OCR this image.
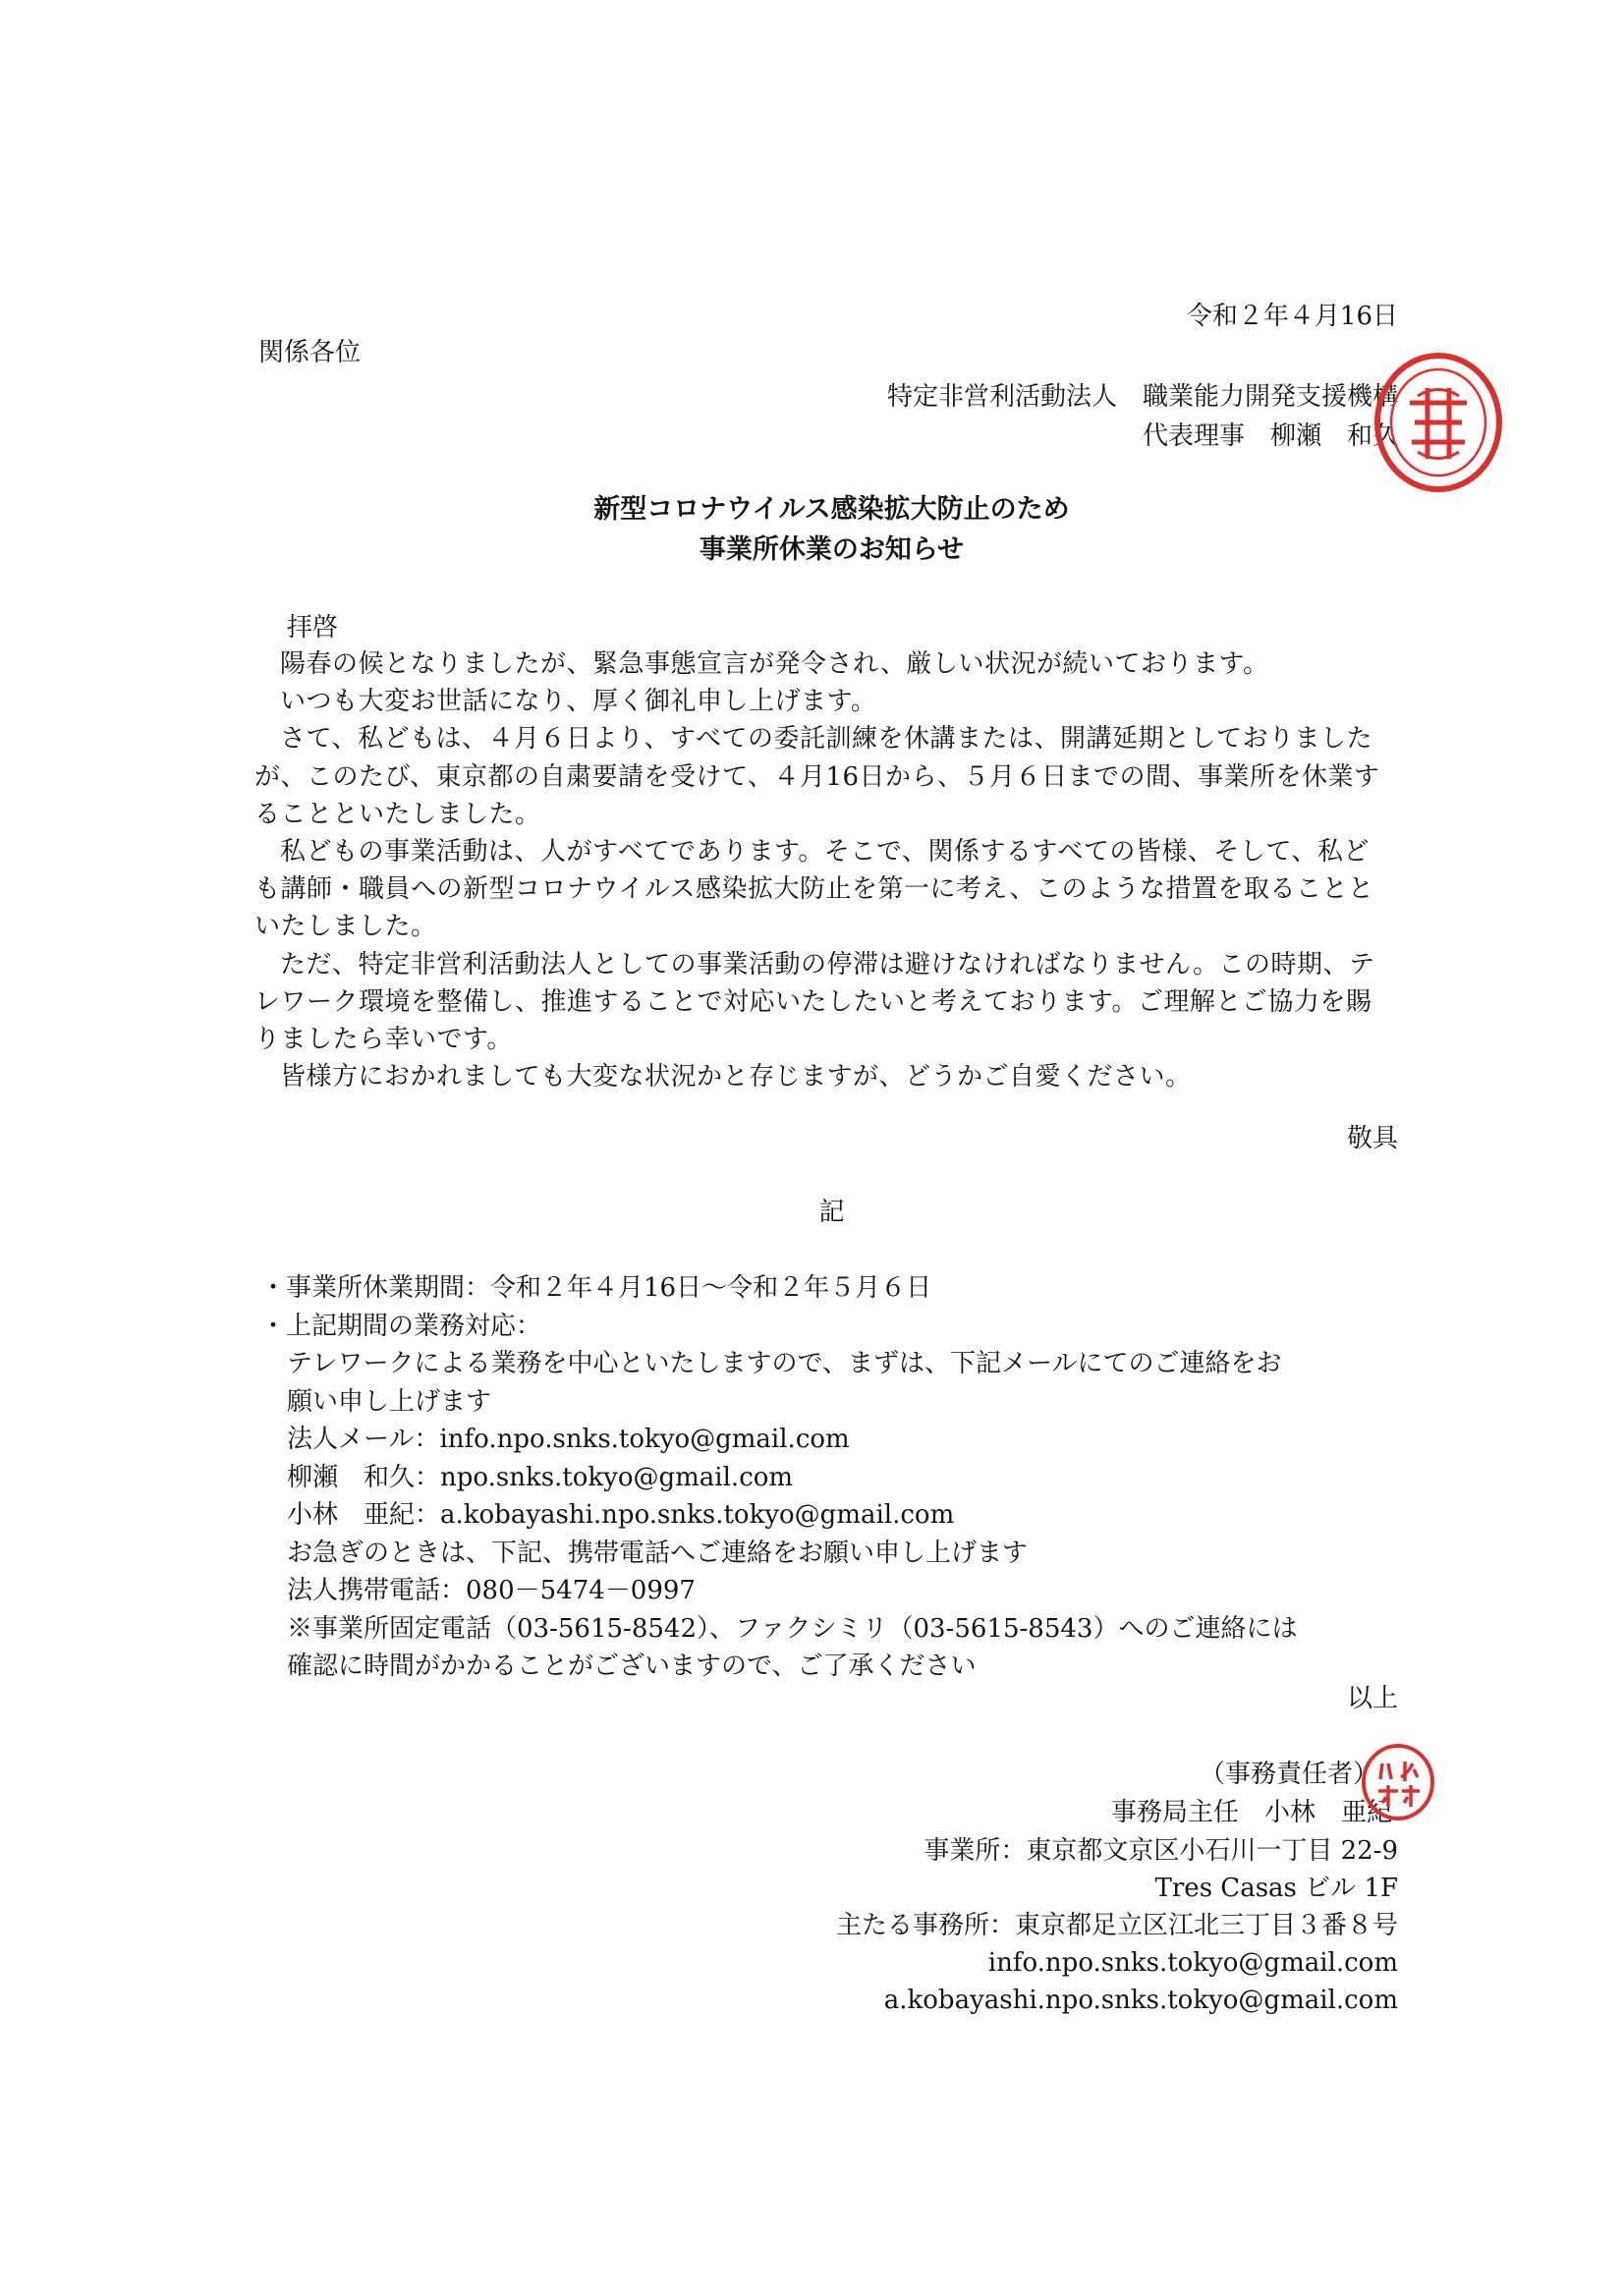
令和２年４月16日
関係各位
特定非営利活動法人　職業能力開発支援機構
代表理事　柳瀬　和久
新型コロナウイルス感染拡大防止のため
事業所休業のお知らせ
拝啓

陽春の候となりましたが、緊急事態宣言が発令され、厳しい状況が続いております。

いつも大変お世話になり、厚く御礼申し上げます。

さて、私どもは、４月６日より、すべての委託訓練を休講または、開講延期としておりましたが、このたび、東京都の自粛要請を受けて、４月16日から、５月６日までの間、事業所を休業することといたしました。

私どもの事業活動は、人がすべてであります。そこで、関係するすべての皆様、そして、私ども講師・職員への新型コロナウイルス感染拡大防止を第一に考え、このような措置を取ることといたしました。

ただ、特定非営利活動法人としての事業活動の停滞は避けなければなりません。この時期、テレワーク環境を整備し、推進することで対応いたしたいと考えております。ご理解とご協力を賜りましたら幸いです。

皆様方におかれましても大変な状況かと存じますが、どうかご自愛ください。

敬具
記
・事業所休業期間：令和２年４月16日〜令和２年５月６日
・上記期間の業務対応：
テレワークによる業務を中心といたしますので、まずは、下記メールにてのご連絡をお
願い申し上げます
法人メール：info.npo.snks.tokyo@gmail.com
柳瀬　和久：npo.snks.tokyo@gmail.com
小林　亜紀：a.kobayashi.npo.snks.tokyo@gmail.com
お急ぎのときは、下記、携帯電話へご連絡をお願い申し上げます
法人携帯電話：080－5474－0997
※事業所固定電話（03-5615-8542）、ファクシミリ（03-5615-8543）へのご連絡には
確認に時間がかかることがございますので、ご了承ください
以上
（事務責任者）
事務局主任　小林　亜紀
事業所：東京都文京区小石川一丁目 22-9
Tres Casas ビル 1F
主たる事務所：東京都足立区江北三丁目３番８号
info.npo.snks.tokyo@gmail.com
a.kobayashi.npo.snks.tokyo@gmail.com
